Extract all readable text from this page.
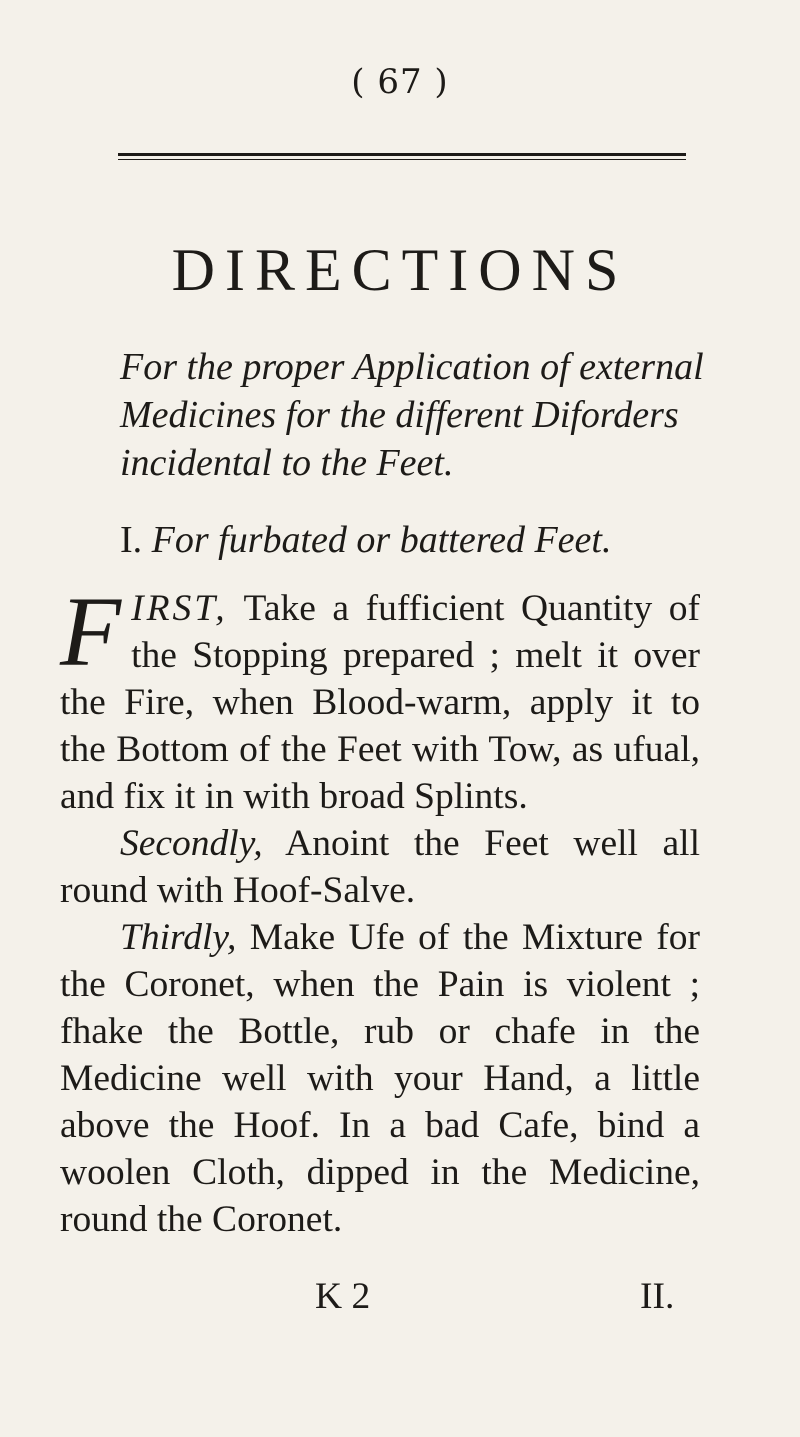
( 67 )
DIRECTIONS

For the proper Application of external Medicines for the different Diforders incidental to the Feet.

I. For furbated or battered Feet.

FIRST, Take a fufficient Quantity of the Stopping prepared ; melt it over the Fire, when Blood-warm, apply it to the Bottom of the Feet with Tow, as ufual, and fix it in with broad Splints.

Secondly, Anoint the Feet well all round with Hoof-Salve.

Thirdly, Make Ufe of the Mixture for the Coronet, when the Pain is violent ; fhake the Bottle, rub or chafe in the Medicine well with your Hand, a little above the Hoof. In a bad Cafe, bind a woolen Cloth, dipped in the Medicine, round the Coronet.

K 2	II.
